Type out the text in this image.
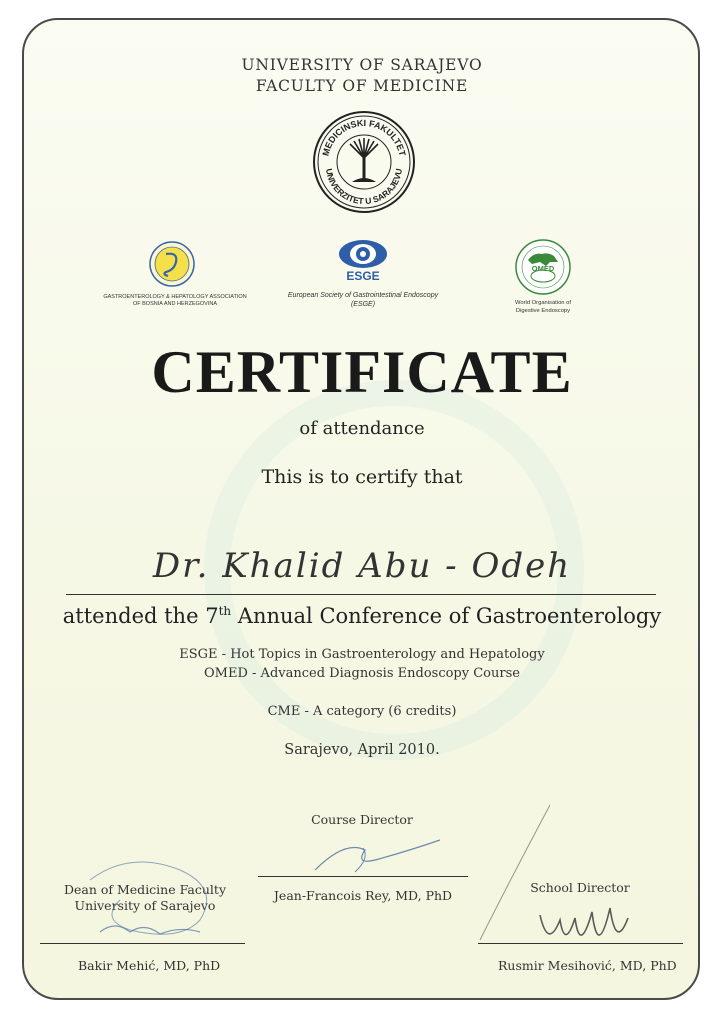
UNIVERSITY OF SARAJEVO
FACULTY OF MEDICINE
MEDICINSKI FAKULTET
UNIVERZITET U SARAJEVU
GASTROENTEROLOGY & HEPATOLOGY ASSOCIATION
OF BOSNIA AND HERZEGOVINA
ESGE
European Society of Gastrointestinal Endoscopy
(ESGE)
OMED
World Organisation of
Digestive Endoscopy
CERTIFICATE
of attendance
This is to certify that
Dr. Khalid Abu - Odeh
attended the 7th Annual Conference of Gastroenterology
ESGE - Hot Topics in Gastroenterology and Hepatology
OMED - Advanced Diagnosis Endoscopy Course
CME - A category (6 credits)
Sarajevo, April 2010.
Dean of Medicine Faculty
University of Sarajevo
Bakir Mehić, MD, PhD
Course Director
Jean-Francois Rey, MD, PhD
School Director
Rusmir Mesihović, MD, PhD
